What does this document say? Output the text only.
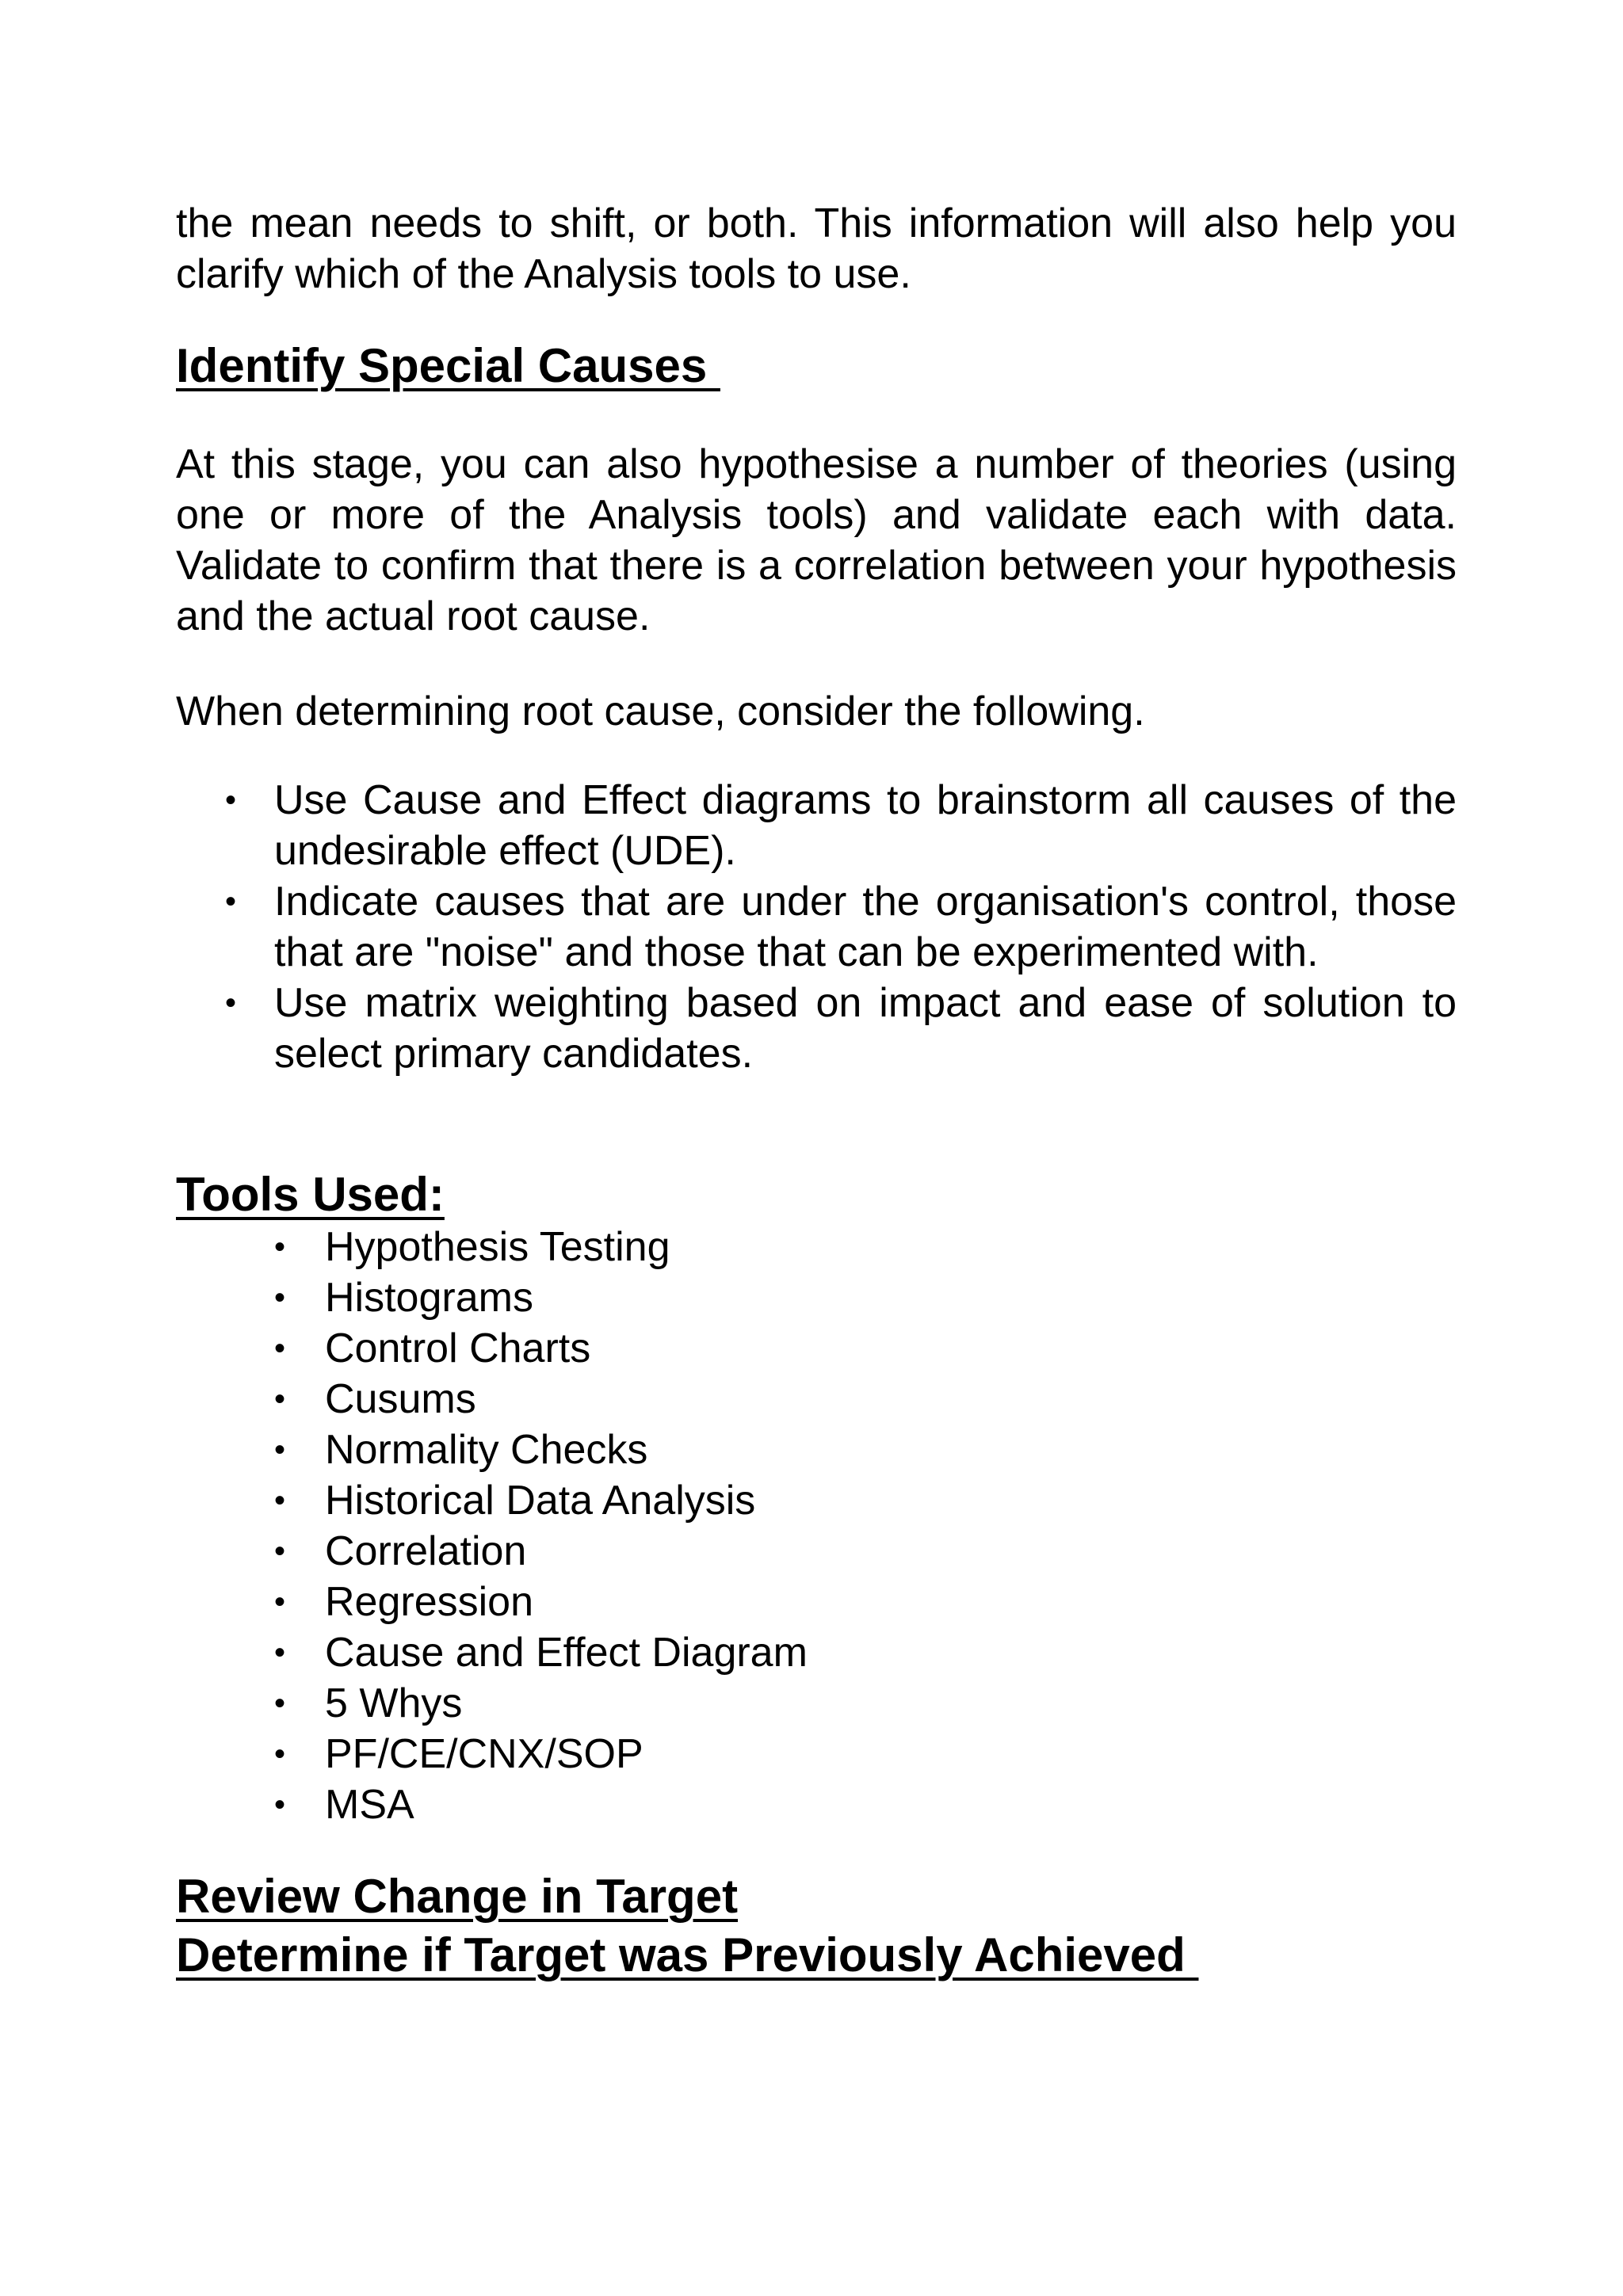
the mean needs to shift, or both. This information will also help you clarify which of the Analysis tools to use.

Identify Special Causes

At this stage, you can also hypothesise a number of theories (using one or more of the Analysis tools) and validate each with data. Validate to confirm that there is a correlation between your hypothesis and the actual root cause.

When determining root cause, consider the following.

• Use Cause and Effect diagrams to brainstorm all causes of the undesirable effect (UDE).
• Indicate causes that are under the organisation's control, those that are "noise" and those that can be experimented with.
• Use matrix weighting based on impact and ease of solution to select primary candidates.
Tools Used:
• Hypothesis Testing
• Histograms
• Control Charts
• Cusums
• Normality Checks
• Historical Data Analysis
• Correlation
• Regression
• Cause and Effect Diagram
• 5 Whys
• PF/CE/CNX/SOP
• MSA
Review Change in Target
Determine if Target was Previously Achieved
